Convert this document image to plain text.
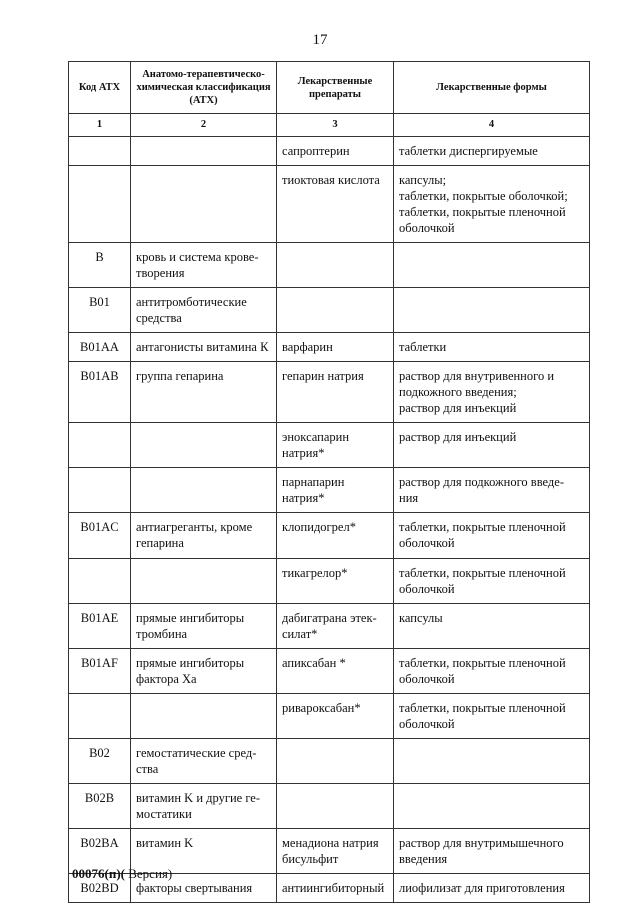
17
Код АТХ	Анатомо-терапевтическо-химическая классификация (АТХ)	Лекарственные препараты	Лекарственные формы
1	2	3	4
		сапроптерин	таблетки диспергируемые
		тиоктовая кислота	капсулы;
таблетки, покрытые оболочкой;
таблетки, покрытые пленочной оболочкой
B	кровь и система крове-
творения		
B01	антитромботические средства		
B01AA	антагонисты витамина К	варфарин	таблетки
B01AB	группа гепарина	гепарин натрия	раствор для внутривенного и подкожного введения;
раствор для инъекций
		эноксапарин натрия*	раствор для инъекций
		парнапарин натрия*	раствор для подкожного введе-
ния
B01AC	антиагреганты, кроме гепарина	клопидогрел*	таблетки, покрытые пленочной оболочкой
		тикагрелор*	таблетки, покрытые пленочной оболочкой
B01AE	прямые ингибиторы тромбина	дабигатрана этек-
силат*	капсулы
B01AF	прямые ингибиторы фактора Xa	апиксабан *	таблетки, покрытые пленочной оболочкой
		ривароксабан*	таблетки, покрытые пленочной оболочкой
B02	гемостатические сред-
ства		
B02B	витамин K и другие ге-
мостатики		
B02BA	витамин K	менадиона натрия бисульфит	раствор для внутримышечного введения
B02BD	факторы свертывания	антиингибиторный	лиофилизат для приготовления
00076(п)( Версия)
